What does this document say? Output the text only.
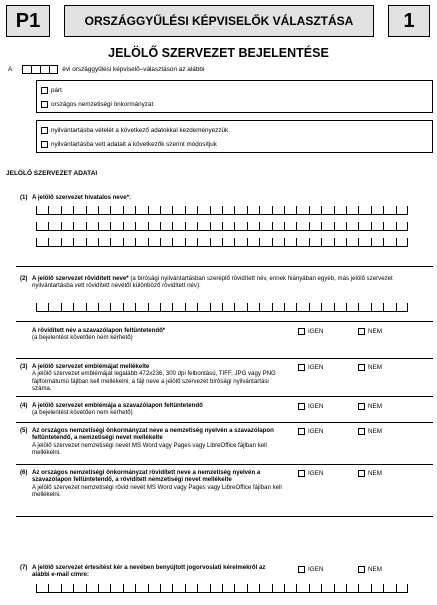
P1	ORSZÁGGYŰLÉSI KÉPVISELŐK VÁLASZTÁSA	1
JELÖLŐ SZERVEZET BEJELENTÉSE
A	évi országgyűlési képviselő–választáson az alábbi
párt
országos nemzetiségi önkormányzat
nyilvántartásba vételét a következő adatokkal kezdeményezzük
nyilvántartásba vett adatait a következők szerint módosítjuk
JELÖLŐ SZERVEZET ADATAI
(1) A jelölő szervezet hivatalos neve*:
(2) A jelölő szervezet rövidített neve* (a bírósági nyilvántartásban szereplő rövidített név, ennek hiányában egyéb, más jelölő szervezet nyilvántartásba vett rövidített nevétől különböző rövidített név):
A rövidített név a szavazólapon feltüntetendő*
(a bejelentést követően nem kérhető)
IGEN	NEM
(3) A jelölő szervezet emblémájat mellékelte
A jelölő szervezet emblémáját legalább 472x236, 300 dpi felbontású, TIFF, JPG vagy PNG fájlformátumú fájlban kell mellékelni, a fájl neve a jelölő szervezet bírósági nyilvántartási száma.
IGEN	NEM
(4) A jelölő szervezet emblémája a szavazólapon feltüntetendő
(a bejelentést követően nem kérhető)
IGEN	NEM
(5) Az országos nemzetiségi önkormányzat neve a nemzetiség nyelvén a szavazólapon feltüntetendő, a nemzetiségi nevet mellékelte
A jelölő szervezet nemzetiségi nevét MS Word vagy Pages vagy LibreOffice fájlban kell mellékelni.
IGEN	NEM
(6) Az országos nemzetiségi önkormányzat rövidített neve a nemzetiség nyelvén a szavazólapon feltüntetendő, a rövidített nemzetiségi nevet mellékelte
A jelölő szervezet nemzetiségi rövid nevét MS Word vagy Pages vagy LibreOffice fájlban kell mellékelni.
IGEN	NEM
(7) A jelölő szervezet értesítést kér a nevében benyújtott jogorvoslati kérelmekről az alábbi e-mail címre:
IGEN	NEM
